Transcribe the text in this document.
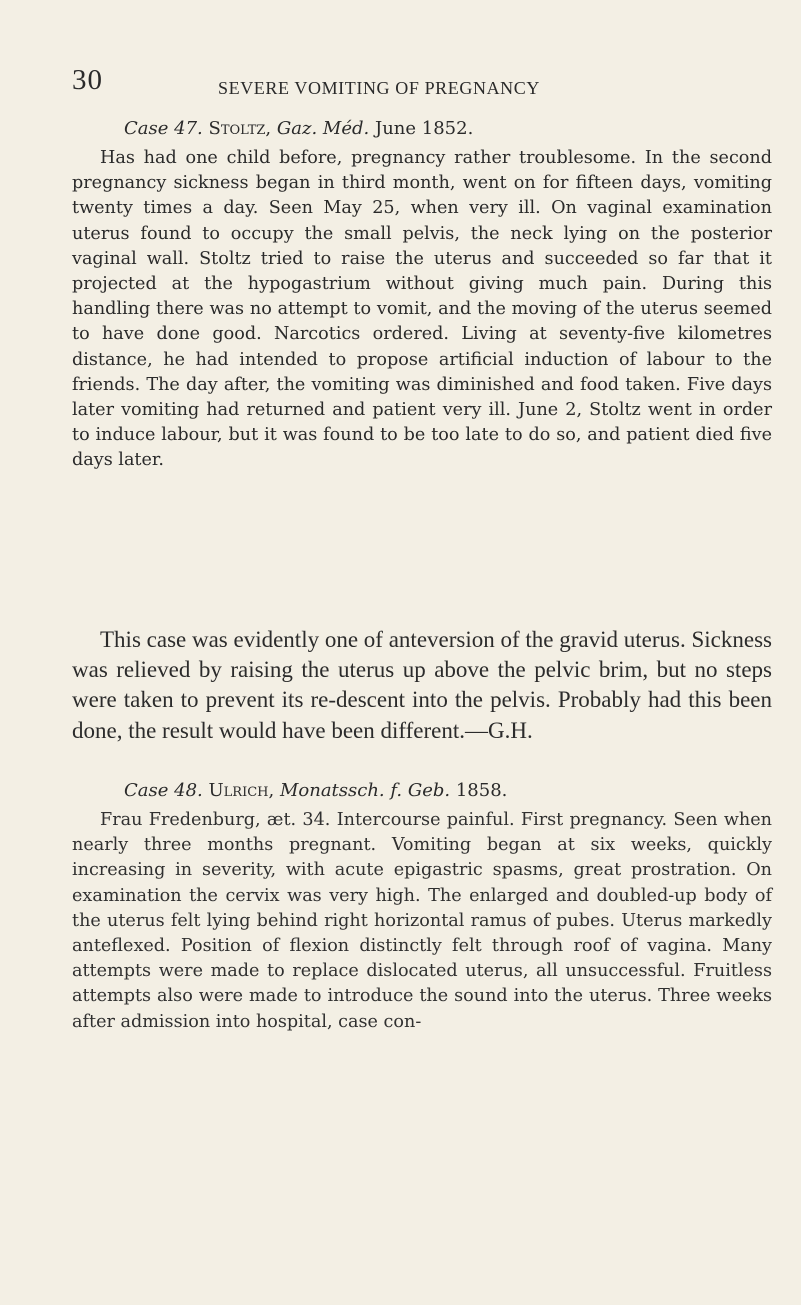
30	SEVERE VOMITING OF PREGNANCY
Case 47. Stoltz, Gaz. Méd. June 1852.

Has had one child before, pregnancy rather troublesome. In the second pregnancy sickness began in third month, went on for fifteen days, vomiting twenty times a day. Seen May 25, when very ill. On vaginal examination uterus found to occupy the small pelvis, the neck lying on the posterior vaginal wall. Stoltz tried to raise the uterus and succeeded so far that it projected at the hypogastrium without giving much pain. During this handling there was no attempt to vomit, and the moving of the uterus seemed to have done good. Narcotics ordered. Living at seventy-five kilometres distance, he had intended to propose artificial induction of labour to the friends. The day after, the vomiting was diminished and food taken. Five days later vomiting had returned and patient very ill. June 2, Stoltz went in order to induce labour, but it was found to be too late to do so, and patient died five days later.

This case was evidently one of anteversion of the gravid uterus. Sickness was relieved by raising the uterus up above the pelvic brim, but no steps were taken to prevent its re-descent into the pelvis. Probably had this been done, the result would have been different.—G.H.

Case 48. Ulrich, Monatssch. f. Geb. 1858.

Frau Fredenburg, æt. 34. Intercourse painful. First pregnancy. Seen when nearly three months pregnant. Vomiting began at six weeks, quickly increasing in severity, with acute epigastric spasms, great prostration. On examination the cervix was very high. The enlarged and doubled-up body of the uterus felt lying behind right horizontal ramus of pubes. Uterus markedly anteflexed. Position of flexion distinctly felt through roof of vagina. Many attempts were made to replace dislocated uterus, all unsuccessful. Fruitless attempts also were made to introduce the sound into the uterus. Three weeks after admission into hospital, case con-
